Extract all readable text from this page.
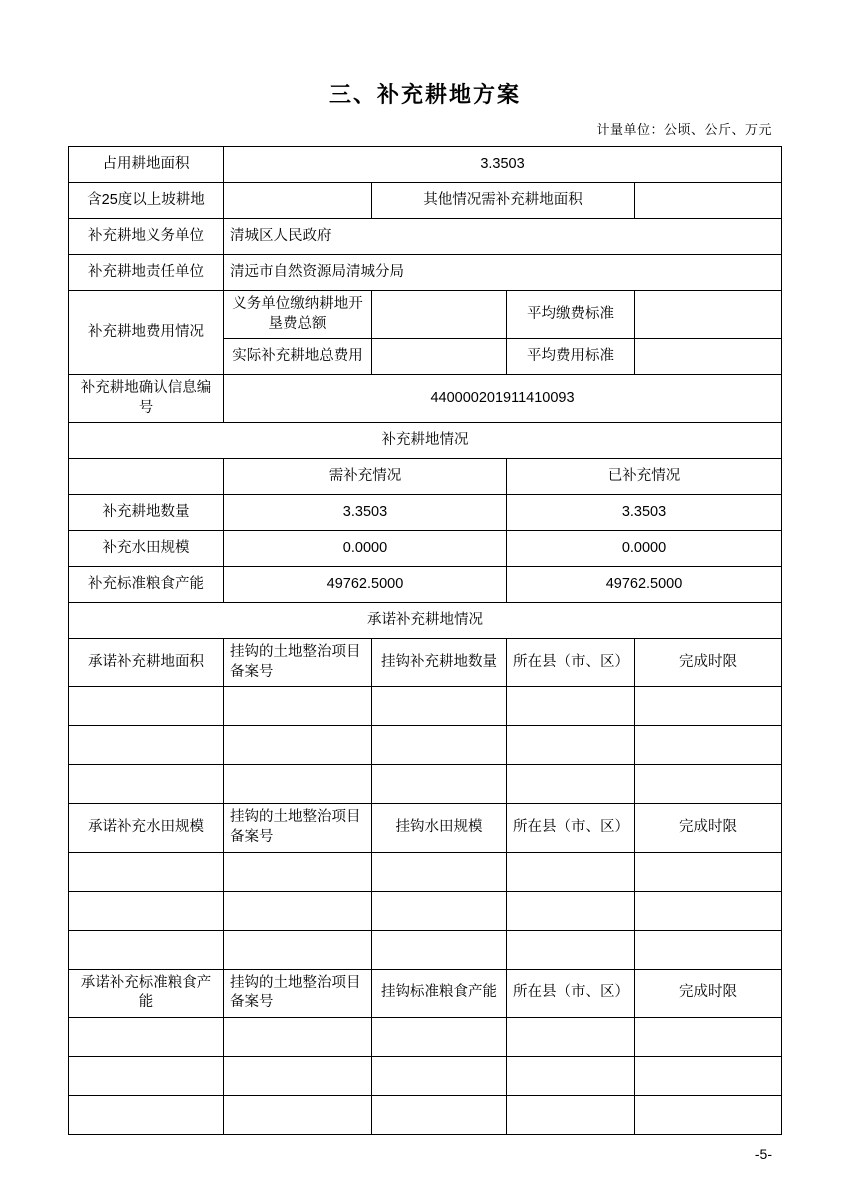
三、补充耕地方案
计量单位：公顷、公斤、万元
占用耕地面积	3.3503			
含25度以上坡耕地		其他情况需补充耕地面积		
补充耕地义务单位	清城区人民政府			
补充耕地责任单位	清远市自然资源局清城分局			
补充耕地费用情况	义务单位缴纳耕地开垦费总额		平均缴费标准	
	实际补充耕地总费用		平均费用标准	
补充耕地确认信息编号	440000201911410093			
补充耕地情况				
	需补充情况		已补充情况	
补充耕地数量	3.3503		3.3503	
补充水田规模	0.0000		0.0000	
补充标准粮食产能	49762.5000		49762.5000	
承诺补充耕地情况				
承诺补充耕地面积	挂钩的土地整治项目备案号	挂钩补充耕地数量	所在县（市、区）	完成时限

承诺补充水田规模	挂钩的土地整治项目备案号	挂钩水田规模	所在县（市、区）	完成时限

承诺补充标准粮食产能	挂钩的土地整治项目备案号	挂钩标准粮食产能	所在县（市、区）	完成时限

-5-
